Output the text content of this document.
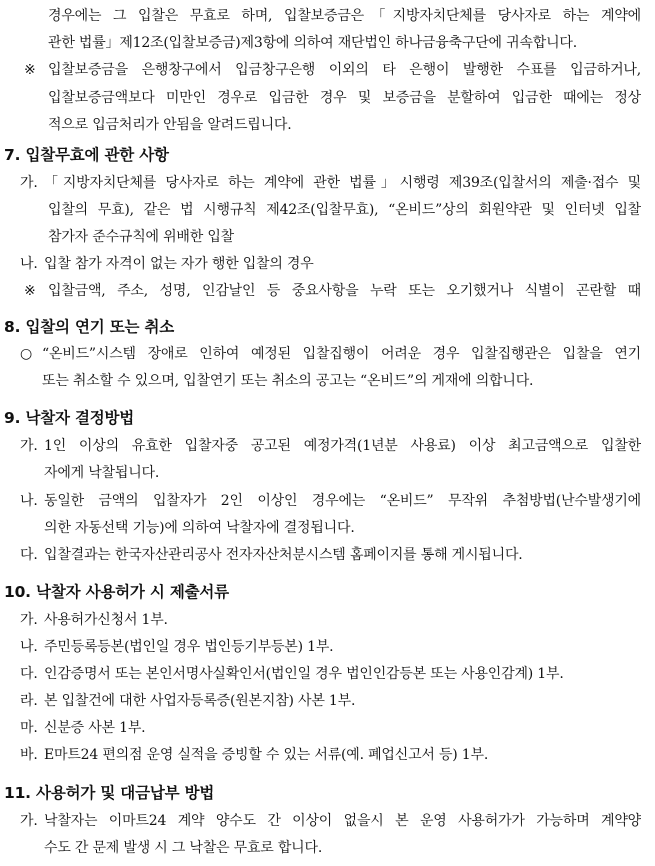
경우에는 그 입찰은 무효로 하며, 입찰보증금은「지방자치단체를 당사자로 하는 계약에
관한 법률」제12조(입찰보증금)제3항에 의하여 재단법인 하나금융축구단에 귀속합니다.
※ 입찰보증금을 은행창구에서 입금창구은행 이외의 타 은행이 발행한 수표를 입금하거나,
입찰보증금액보다 미만인 경우로 입금한 경우 및 보증금을 분할하여 입금한 때에는 정상
적으로 입금처리가 안됨을 알려드립니다.
7. 입찰무효에 관한 사항
가. 「지방자치단체를 당사자로 하는 계약에 관한 법률」시행령 제39조(입찰서의 제출·접수 및
입찰의 무효), 같은 법 시행규칙 제42조(입찰무효), “온비드”상의 회원약관 및 인터넷 입찰
참가자 준수규칙에 위배한 입찰
나. 입찰 참가 자격이 없는 자가 행한 입찰의 경우
※ 입찰금액, 주소, 성명, 인감날인 등 중요사항을 누락 또는 오기했거나 식별이 곤란할 때
8. 입찰의 연기 또는 취소
○ “온비드”시스템 장애로 인하여 예정된 입찰집행이 어려운 경우 입찰집행관은 입찰을 연기
또는 취소할 수 있으며, 입찰연기 또는 취소의 공고는 “온비드”의 게재에 의합니다.
9. 낙찰자 결정방법
가. 1인 이상의 유효한 입찰자중 공고된 예정가격(1년분 사용료) 이상 최고금액으로 입찰한
자에게 낙찰됩니다.
나. 동일한 금액의 입찰자가 2인 이상인 경우에는 “온비드” 무작위 추첨방법(난수발생기에
의한 자동선택 기능)에 의하여 낙찰자에 결정됩니다.
다. 입찰결과는 한국자산관리공사 전자자산처분시스템 홈페이지를 통해 게시됩니다.
10. 낙찰자 사용허가 시 제출서류
가. 사용허가신청서 1부.
나. 주민등록등본(법인일 경우 법인등기부등본) 1부.
다. 인감증명서 또는 본인서명사실확인서(법인일 경우 법인인감등본 또는 사용인감계) 1부.
라. 본 입찰건에 대한 사업자등록증(원본지참) 사본 1부.
마. 신분증 사본 1부.
바. E마트24 편의점 운영 실적을 증빙할 수 있는 서류(예. 폐업신고서 등) 1부.
11. 사용허가 및 대금납부 방법
가. 낙찰자는 이마트24 계약 양수도 간 이상이 없을시 본 운영 사용허가가 가능하며 계약양
수도 간 문제 발생 시 그 낙찰은 무효로 합니다.
